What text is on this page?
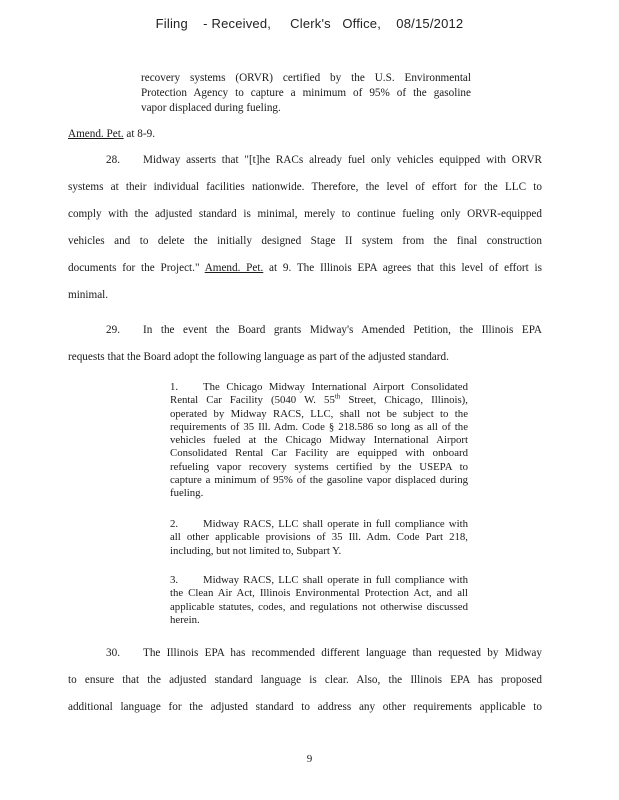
Filing    - Received,     Clerk's   Office,    08/15/2012
recovery systems (ORVR) certified by the U.S. Environmental
Protection Agency to capture a minimum of 95% of the gasoline
vapor displaced during fueling.
Amend. Pet. at 8-9.
28. Midway asserts that "[t]he RACs already fuel only vehicles equipped with ORVR
systems at their individual facilities nationwide. Therefore, the level of effort for the LLC to
comply with the adjusted standard is minimal, merely to continue fueling only ORVR-equipped
vehicles and to delete the initially designed Stage II system from the final construction
documents for the Project." Amend. Pet. at 9. The Illinois EPA agrees that this level of effort is
minimal.
29. In the event the Board grants Midway's Amended Petition, the Illinois EPA
requests that the Board adopt the following language as part of the adjusted standard.
1. The Chicago Midway International Airport Consolidated
Rental Car Facility (5040 W. 55th Street, Chicago, Illinois),
operated by Midway RACS, LLC, shall not be subject to the
requirements of 35 Ill. Adm. Code § 218.586 so long as all of the
vehicles fueled at the Chicago Midway International Airport
Consolidated Rental Car Facility are equipped with onboard
refueling vapor recovery systems certified by the USEPA to
capture a minimum of 95% of the gasoline vapor displaced during
fueling.
2. Midway RACS, LLC shall operate in full compliance with
all other applicable provisions of 35 Ill. Adm. Code Part 218,
including, but not limited to, Subpart Y.
3. Midway RACS, LLC shall operate in full compliance with
the Clean Air Act, Illinois Environmental Protection Act, and all
applicable statutes, codes, and regulations not otherwise discussed
herein.
30. The Illinois EPA has recommended different language than requested by Midway
to ensure that the adjusted standard language is clear. Also, the Illinois EPA has proposed
additional language for the adjusted standard to address any other requirements applicable to
9
